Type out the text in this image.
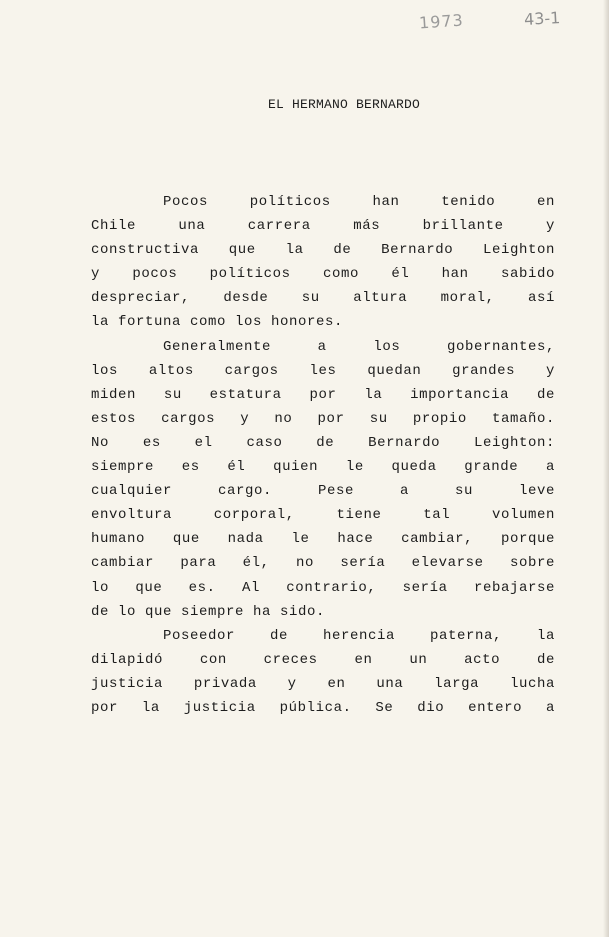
1973	43-1
EL HERMANO BERNARDO
Pocos políticos han tenido en
Chile una carrera más brillante y
constructiva que la de Bernardo Leighton
y pocos políticos como él han sabido
despreciar, desde su altura moral, así
la fortuna como los honores.
Generalmente a los gobernantes,
los altos cargos les quedan grandes y
miden su estatura por la importancia de
estos cargos y no por su propio tamaño.
No es el caso de Bernardo Leighton:
siempre es él quien le queda grande a
cualquier cargo. Pese a su leve
envoltura corporal, tiene tal volumen
humano que nada le hace cambiar, porque
cambiar para él, no sería elevarse sobre
lo que es. Al contrario, sería rebajarse
de lo que siempre ha sido.
Poseedor de herencia paterna, la
dilapidó con creces en un acto de
justicia privada y en una larga lucha
por la justicia pública. Se dio entero a
